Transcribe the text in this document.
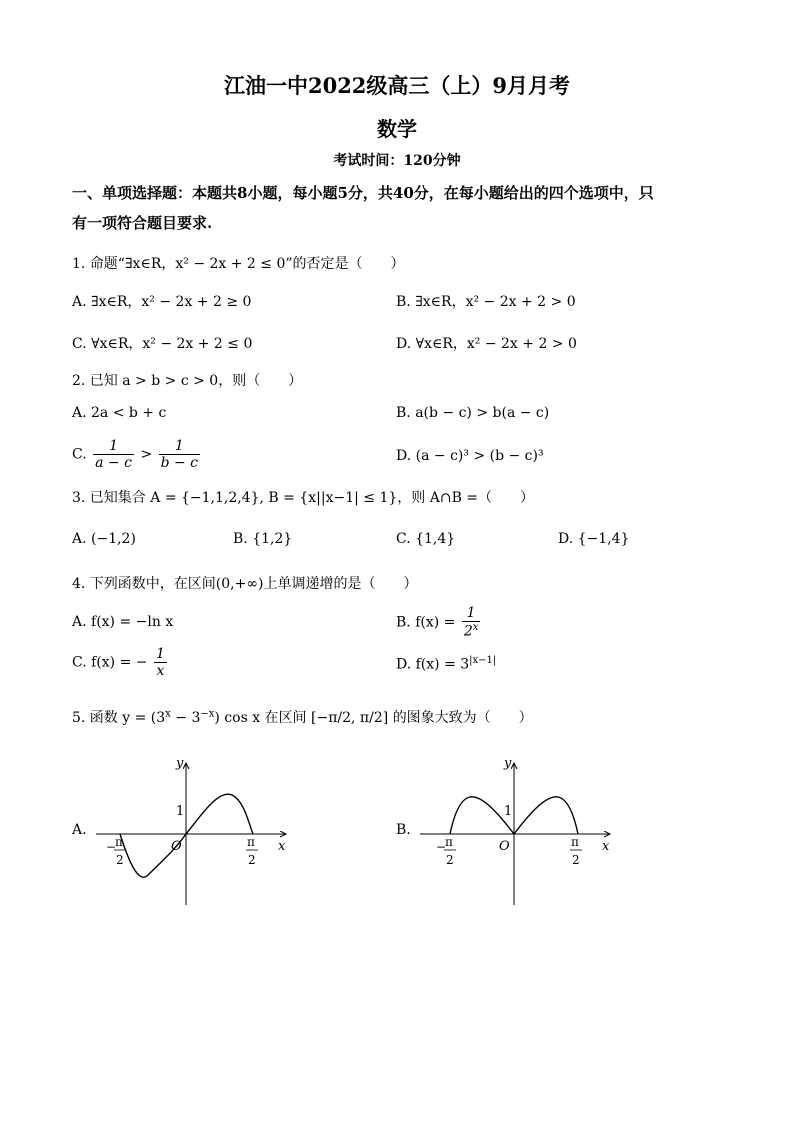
江油一中2022级高三（上）9月月考
数学
考试时间：120分钟
一、单项选择题：本题共8小题，每小题5分，共40分，在每小题给出的四个选项中，只
有一项符合题目要求.
1. 命题“∃x∈R，x² − 2x + 2 ≤ 0”的否定是（　　）
A. ∃x∈R，x² − 2x + 2 ≥ 0	B. ∃x∈R，x² − 2x + 2 > 0
C. ∀x∈R，x² − 2x + 2 ≤ 0	D. ∀x∈R，x² − 2x + 2 > 0
2. 已知 a > b > c > 0，则（　　）
A. 2a < b + c	B. a(b − c) > b(a − c)
C. $\frac{1}{a - c} > \frac{1}{b - c}$	D. (a − c)³ > (b − c)³
3. 已知集合 A = {−1,1,2,4}, B = {x||x−1| ≤ 1}，则 A∩B =（　　）
A. (−1,2)	B. {1,2}	C. {1,4}	D. {−1,4}
4. 下列函数中，在区间(0,+∞)上单调递增的是（　　）
A. f(x) = −ln x	B. $f(x) = \frac{1}{2^x}$
C. f(x) = − $\frac{1}{x}$	D. $f(x) = 3^{|x-1|}$
5. 函数 $y = (3^x - 3^{-x})$ cos x 在区间 [−π/2, π/2] 的图象大致为（　　）
A.
1
y
x
O
−
π
2
π
2
B.
1
y
x
O
−
π
2
π
2
